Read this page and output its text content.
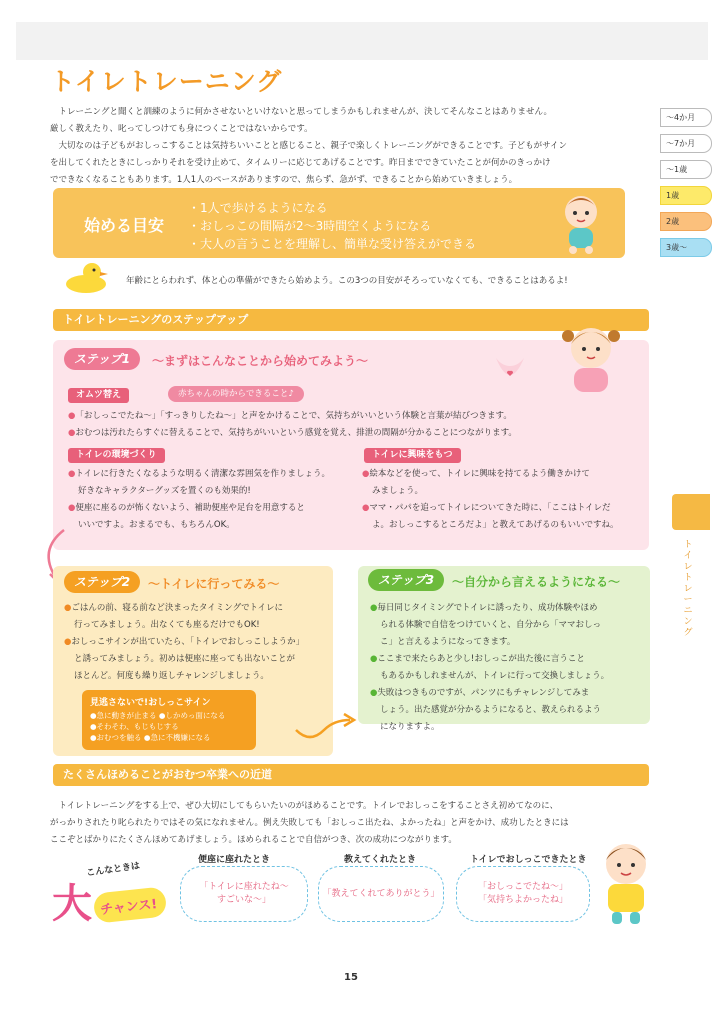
トイレトレーニング
トレーニングと聞くと訓練のように何かさせないといけないと思ってしまうかもしれませんが、決してそんなことはありません。
厳しく教えたり、叱ってしつけても身につくことではないからです。
大切なのは子どもがおしっこすることは気持ちいいことと感じること、親子で楽しくトレーニングができることです。子どもがサイン
を出してくれたときにしっかりそれを受け止めて、タイムリーに応じてあげることです。昨日までできていたことが何かのきっかけ
でできなくなることもあります。1人1人のペースがありますので、焦らず、急がず、できることから始めていきましょう。
〜4か月
〜7か月
〜1歳
1歳
2歳
3歳〜
トイレトレーニング
始める目安
・1人で歩けるようになる
・おしっこの間隔が2〜3時間空くようになる
・大人の言うことを理解し、簡単な受け答えができる
年齢にとらわれず、体と心の準備ができたら始めよう。この3つの目安がそろっていなくても、できることはあるよ!
トイレトレーニングのステップアップ
ステップ1	〜まずはこんなことから始めてみよう〜
オムツ替え	赤ちゃんの時からできること♪
●「おしっこでたね〜」「すっきりしたね〜」と声をかけることで、気持ちがいいという体験と言葉が結びつきます。
●おむつは汚れたらすぐに替えることで、気持ちがいいという感覚を覚え、排泄の間隔が分かることにつながります。
トイレの環境づくり
●トイレに行きたくなるような明るく清潔な雰囲気を作りましょう。
好きなキャラクターグッズを置くのも効果的!
●便座に座るのが怖くないよう、補助便座や足台を用意すると
いいですよ。おまるでも、もちろんOK。
トイレに興味をもつ
●絵本などを使って、トイレに興味を持てるよう働きかけて
みましょう。
●ママ・パパを追ってトイレについてきた時に、「ここはトイレだ
よ。おしっこするところだよ」と教えてあげるのもいいですね。
ステップ2	〜トイレに行ってみる〜
●ごはんの前、寝る前など決まったタイミングでトイレに
行ってみましょう。出なくても座るだけでもOK!
●おしっこサインが出ていたら、「トイレでおしっこしようか」
と誘ってみましょう。初めは便座に座っても出ないことが
ほとんど。何度も繰り返しチャレンジしましょう。
見逃さないで!おしっこサイン
●急に動きが止まる ●しかめっ面になる
●そわそわ、もじもじする
●おむつを触る ●急に不機嫌になる
ステップ3	〜自分から言えるようになる〜
●毎日同じタイミングでトイレに誘ったり、成功体験やほめ
られる体験で自信をつけていくと、自分から「ママおしっ
こ」と言えるようになってきます。
●ここまで来たらあと少し!おしっこが出た後に言うこと
もあるかもしれませんが、トイレに行って交換しましょう。
●失敗はつきものですが、パンツにもチャレンジしてみま
しょう。出た感覚が分かるようになると、教えられるよう
になりますよ。
たくさんほめることがおむつ卒業への近道
トイレトレーニングをする上で、ぜひ大切にしてもらいたいのがほめることです。トイレでおしっこをすることさえ初めてなのに、
がっかりされたり叱られたりではその気になれません。例え失敗しても「おしっこ出たね、よかったね」と声をかけ、成功したときには
ここぞとばかりにたくさんほめてあげましょう。ほめられることで自信がつき、次の成功につながります。
こんなときは
大 チャンス!
便座に座れたとき
「トイレに座れたね〜
すごいな〜」
教えてくれたとき
「教えてくれてありがとう」
トイレでおしっこできたとき
「おしっこでたね〜」
「気持ちよかったね」
15
